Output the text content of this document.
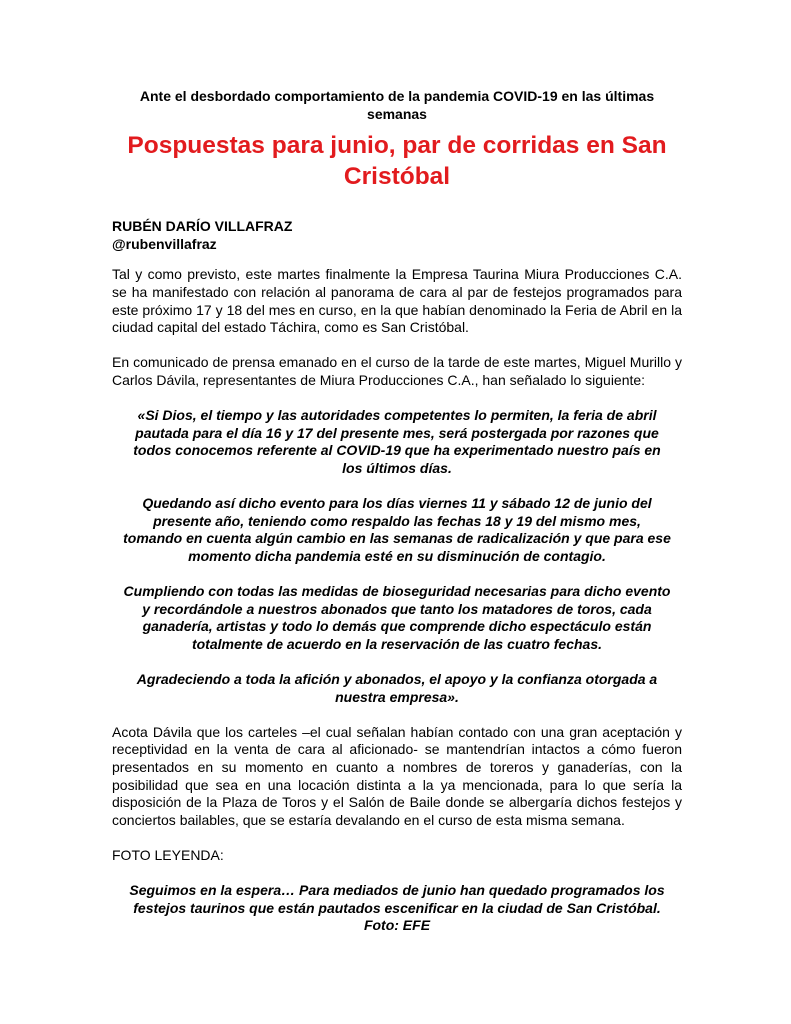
Ante el desbordado comportamiento de la pandemia COVID-19 en las últimas semanas

Pospuestas para junio, par de corridas en San Cristóbal

RUBÉN DARÍO VILLAFRAZ

@rubenvillafraz

Tal y como previsto, este martes finalmente la Empresa Taurina Miura Producciones C.A. se ha manifestado con relación al panorama de cara al par de festejos programados para este próximo 17 y 18 del mes en curso, en la que habían denominado la Feria de Abril en la ciudad capital del estado Táchira, como es San Cristóbal.

En comunicado de prensa emanado en el curso de la tarde de este martes, Miguel Murillo y Carlos Dávila, representantes de Miura Producciones C.A., han señalado lo siguiente:

«Si Dios, el tiempo y las autoridades competentes lo permiten, la feria de abril pautada para el día 16 y 17 del presente mes, será postergada por razones que todos conocemos referente al COVID-19 que ha experimentado nuestro país en los últimos días.

Quedando así dicho evento para los días viernes 11 y sábado 12 de junio del presente año, teniendo como respaldo las fechas 18 y 19 del mismo mes, tomando en cuenta algún cambio en las semanas de radicalización y que para ese momento dicha pandemia esté en su disminución de contagio.

Cumpliendo con todas las medidas de bioseguridad necesarias para dicho evento y recordándole a nuestros abonados que tanto los matadores de toros, cada ganadería, artistas y todo lo demás que comprende dicho espectáculo están totalmente de acuerdo en la reservación de las cuatro fechas.

Agradeciendo a toda la afición y abonados, el apoyo y la confianza otorgada a nuestra empresa».

Acota Dávila que los carteles –el cual señalan habían contado con una gran aceptación y receptividad en la venta de cara al aficionado- se mantendrían intactos a cómo fueron presentados en su momento en cuanto a nombres de toreros y ganaderías, con la posibilidad que sea en una locación distinta a la ya mencionada, para lo que sería la disposición de la Plaza de Toros y el Salón de Baile donde se albergaría dichos festejos y conciertos bailables, que se estaría devalando en el curso de esta misma semana.

FOTO LEYENDA:

Seguimos en la espera… Para mediados de junio han quedado programados los festejos taurinos que están pautados escenificar en la ciudad de San Cristóbal.
Foto: EFE
